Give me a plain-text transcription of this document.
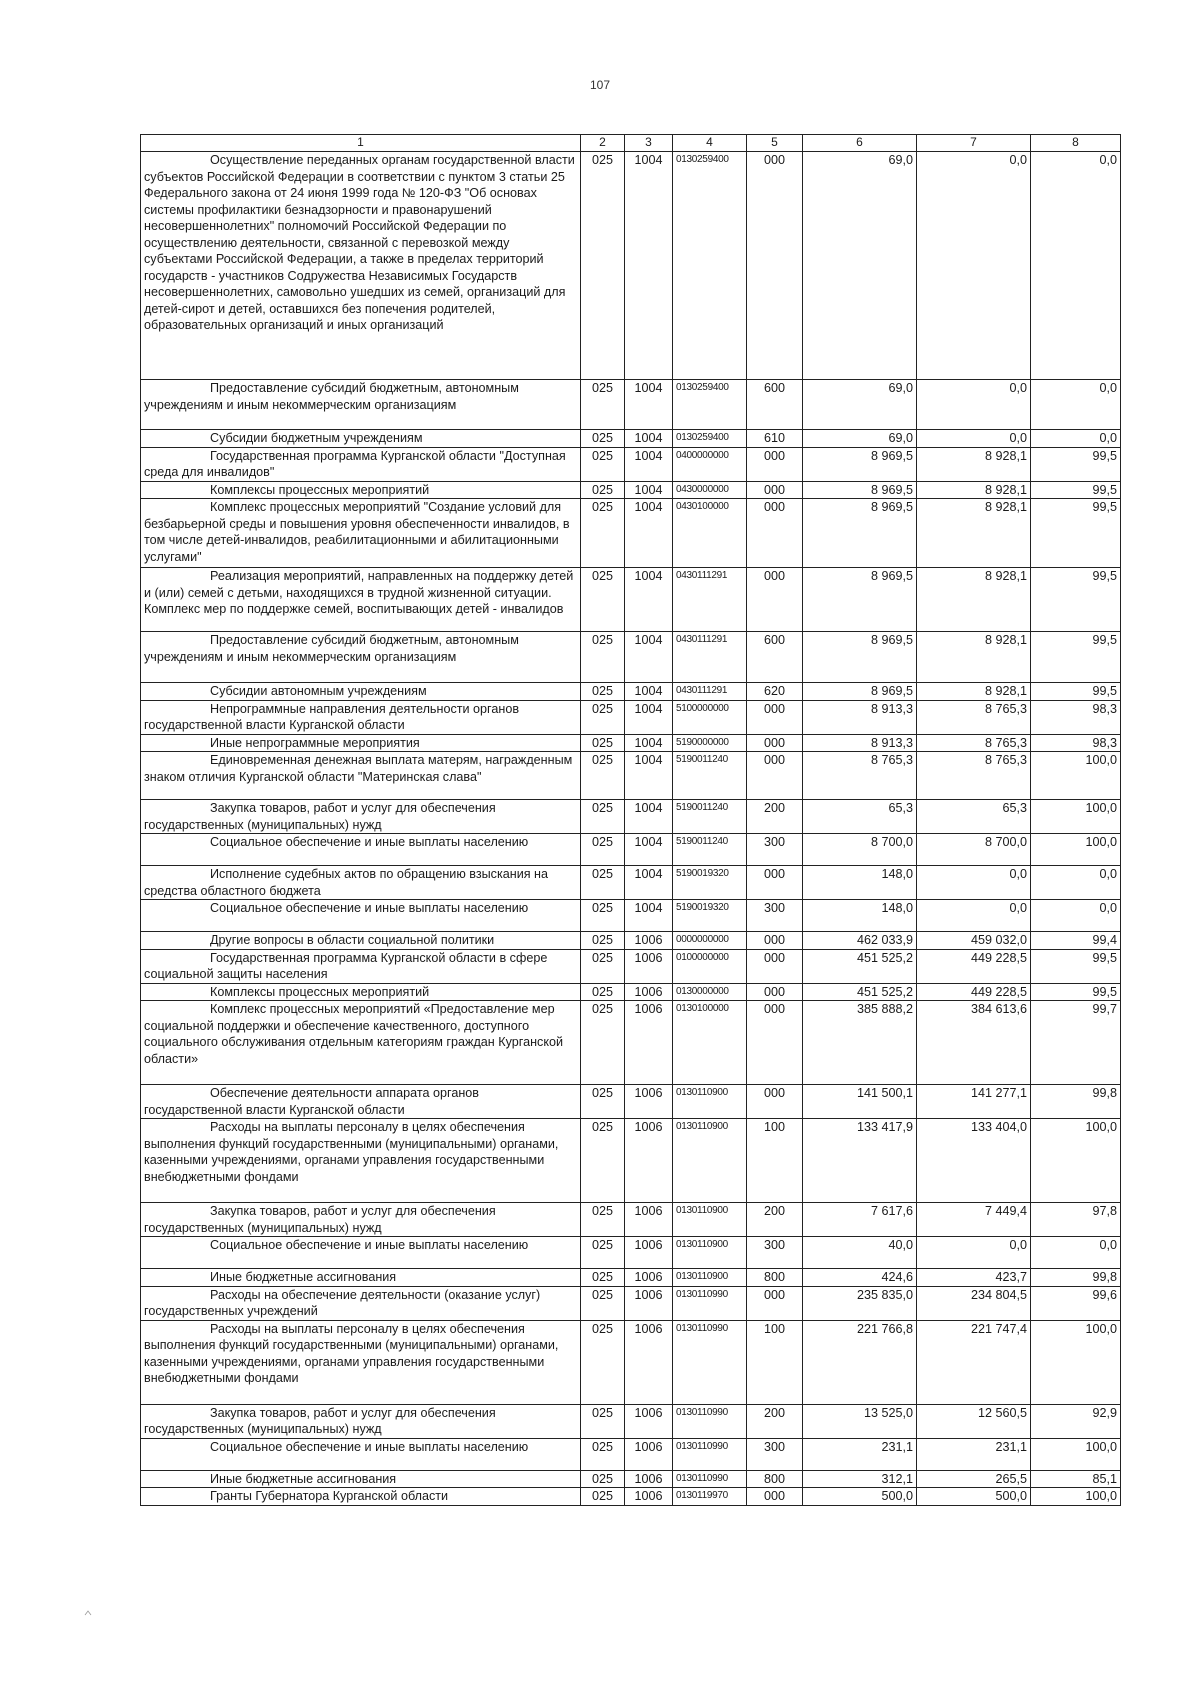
107
1	2	3	4	5	6	7	8
Осуществление переданных органам государственной власти субъектов Российской Федерации в соответствии с пунктом 3 статьи 25 Федерального закона от 24 июня 1999 года № 120-ФЗ "Об основах системы профилактики безнадзорности и правонарушений несовершеннолетних" полномочий Российской Федерации по осуществлению деятельности, связанной с перевозкой между субъектами Российской Федерации, а также в пределах территорий государств - участников Содружества Независимых Государств несовершеннолетних, самовольно ушедших из семей, организаций для детей-сирот и детей, оставшихся без попечения родителей, образовательных организаций и иных организаций	025	1004	0130259400	000	69,0	0,0	0,0
Предоставление субсидий бюджетным, автономным учреждениям и иным некоммерческим организациям	025	1004	0130259400	600	69,0	0,0	0,0
Субсидии бюджетным учреждениям	025	1004	0130259400	610	69,0	0,0	0,0
Государственная программа Курганской области "Доступная среда для инвалидов"	025	1004	0400000000	000	8 969,5	8 928,1	99,5
Комплексы процессных мероприятий	025	1004	0430000000	000	8 969,5	8 928,1	99,5
Комплекс процессных мероприятий "Создание условий для безбарьерной среды и повышения уровня обеспеченности инвалидов, в том числе детей-инвалидов, реабилитационными и абилитационными услугами"	025	1004	0430100000	000	8 969,5	8 928,1	99,5
Реализация мероприятий, направленных на поддержку детей и (или) семей с детьми, находящихся в трудной жизненной ситуации. Комплекс мер по поддержке семей, воспитывающих детей - инвалидов	025	1004	0430111291	000	8 969,5	8 928,1	99,5
Предоставление субсидий бюджетным, автономным учреждениям и иным некоммерческим организациям	025	1004	0430111291	600	8 969,5	8 928,1	99,5
Субсидии автономным учреждениям	025	1004	0430111291	620	8 969,5	8 928,1	99,5
Непрограммные направления деятельности органов государственной власти Курганской области	025	1004	5100000000	000	8 913,3	8 765,3	98,3
Иные непрограммные мероприятия	025	1004	5190000000	000	8 913,3	8 765,3	98,3
Единовременная денежная выплата матерям, награжденным знаком отличия Курганской области "Материнская слава"	025	1004	5190011240	000	8 765,3	8 765,3	100,0
Закупка товаров, работ и услуг для обеспечения государственных (муниципальных) нужд	025	1004	5190011240	200	65,3	65,3	100,0
Социальное обеспечение и иные выплаты населению	025	1004	5190011240	300	8 700,0	8 700,0	100,0
Исполнение судебных актов по обращению взыскания на средства областного бюджета	025	1004	5190019320	000	148,0	0,0	0,0
Социальное обеспечение и иные выплаты населению	025	1004	5190019320	300	148,0	0,0	0,0
Другие вопросы в области социальной политики	025	1006	0000000000	000	462 033,9	459 032,0	99,4
Государственная программа Курганской области в сфере социальной защиты населения	025	1006	0100000000	000	451 525,2	449 228,5	99,5
Комплексы процессных мероприятий	025	1006	0130000000	000	451 525,2	449 228,5	99,5
Комплекс процессных мероприятий «Предоставление мер социальной поддержки и обеспечение качественного, доступного социального обслуживания отдельным категориям граждан Курганской области»	025	1006	0130100000	000	385 888,2	384 613,6	99,7
Обеспечение деятельности аппарата органов государственной власти Курганской области	025	1006	0130110900	000	141 500,1	141 277,1	99,8
Расходы на выплаты персоналу в целях обеспечения выполнения функций государственными (муниципальными) органами, казенными учреждениями, органами управления государственными внебюджетными фондами	025	1006	0130110900	100	133 417,9	133 404,0	100,0
Закупка товаров, работ и услуг для обеспечения государственных (муниципальных) нужд	025	1006	0130110900	200	7 617,6	7 449,4	97,8
Социальное обеспечение и иные выплаты населению	025	1006	0130110900	300	40,0	0,0	0,0
Иные бюджетные ассигнования	025	1006	0130110900	800	424,6	423,7	99,8
Расходы на обеспечение деятельности (оказание услуг) государственных учреждений	025	1006	0130110990	000	235 835,0	234 804,5	99,6
Расходы на выплаты персоналу в целях обеспечения выполнения функций государственными (муниципальными) органами, казенными учреждениями, органами управления государственными внебюджетными фондами	025	1006	0130110990	100	221 766,8	221 747,4	100,0
Закупка товаров, работ и услуг для обеспечения государственных (муниципальных) нужд	025	1006	0130110990	200	13 525,0	12 560,5	92,9
Социальное обеспечение и иные выплаты населению	025	1006	0130110990	300	231,1	231,1	100,0
Иные бюджетные ассигнования	025	1006	0130110990	800	312,1	265,5	85,1
Гранты Губернатора Курганской области	025	1006	0130119970	000	500,0	500,0	100,0
